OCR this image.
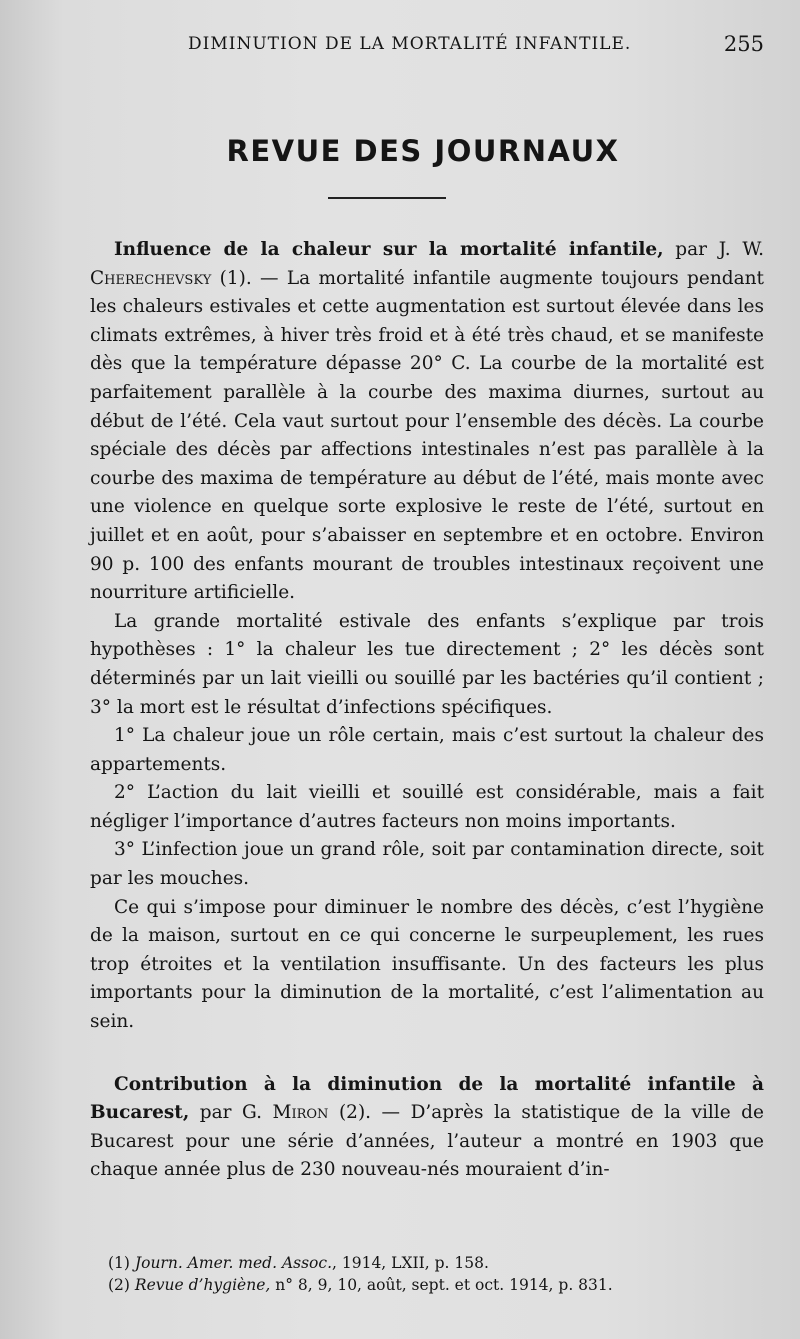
DIMINUTION DE LA MORTALITÉ INFANTILE.	255
REVUE DES JOURNAUX

Influence de la chaleur sur la mortalité infantile, par J. W. Cherechevsky (1). — La mortalité infantile augmente toujours pendant les chaleurs estivales et cette augmentation est surtout élevée dans les climats extrêmes, à hiver très froid et à été très chaud, et se manifeste dès que la température dépasse 20° C. La courbe de la mortalité est parfaitement parallèle à la courbe des maxima diurnes, surtout au début de l’été. Cela vaut surtout pour l’ensemble des décès. La courbe spéciale des décès par affections intestinales n’est pas parallèle à la courbe des maxima de température au début de l’été, mais monte avec une violence en quelque sorte explosive le reste de l’été, surtout en juillet et en août, pour s’abaisser en septembre et en octobre. Environ 90 p. 100 des enfants mourant de troubles intestinaux reçoivent une nourriture artificielle.

La grande mortalité estivale des enfants s’explique par trois hypothèses : 1° la chaleur les tue directement ; 2° les décès sont déterminés par un lait vieilli ou souillé par les bactéries qu’il contient ; 3° la mort est le résultat d’infections spécifiques.

1° La chaleur joue un rôle certain, mais c’est surtout la chaleur des appartements.

2° L’action du lait vieilli et souillé est considérable, mais a fait négliger l’importance d’autres facteurs non moins importants.

3° L’infection joue un grand rôle, soit par contamination directe, soit par les mouches.

Ce qui s’impose pour diminuer le nombre des décès, c’est l’hygiène de la maison, surtout en ce qui concerne le surpeuplement, les rues trop étroites et la ventilation insuffisante. Un des facteurs les plus importants pour la diminution de la mortalité, c’est l’alimentation au sein.

Contribution à la diminution de la mortalité infantile à Bucarest, par G. Miron (2). — D’après la statistique de la ville de Bucarest pour une série d’années, l’auteur a montré en 1903 que chaque année plus de 230 nouveau-nés mouraient d’in-

(1) Journ. Amer. med. Assoc., 1914, LXII, p. 158.
(2) Revue d’hygiène, n° 8, 9, 10, août, sept. et oct. 1914, p. 831.
